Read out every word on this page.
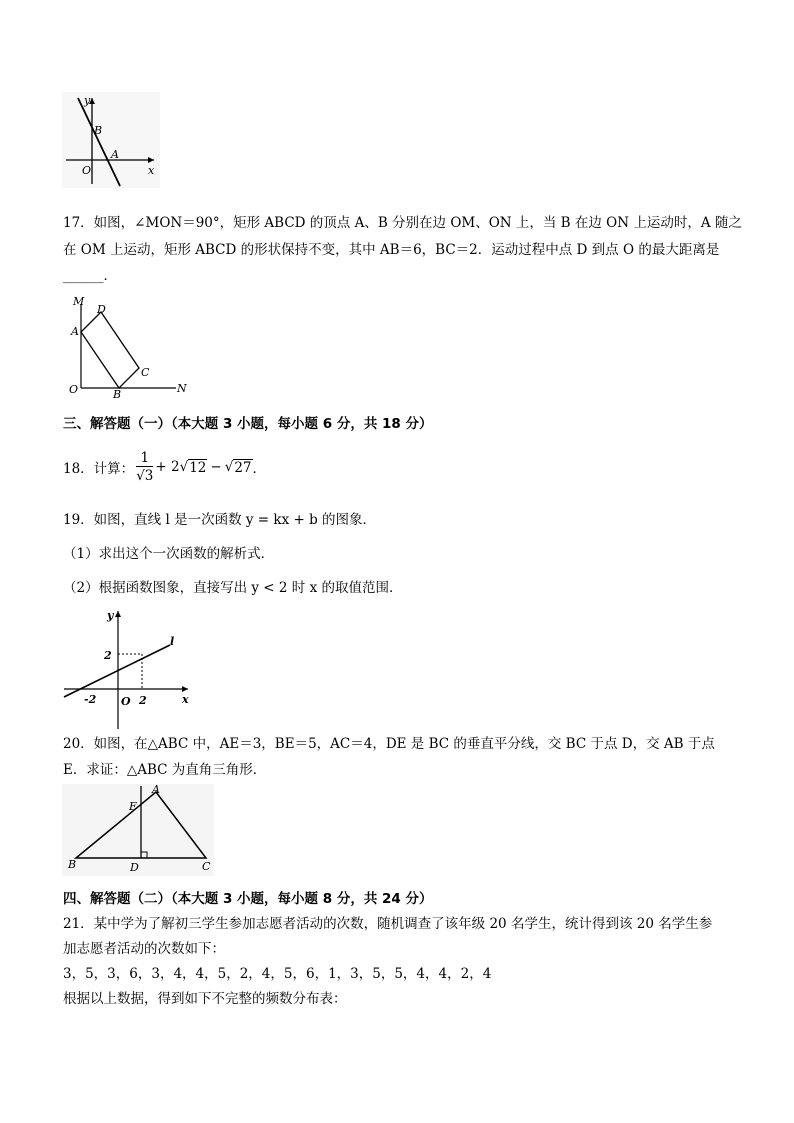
y
x
O
B
A
17．如图，∠MON＝90°，矩形 ABCD 的顶点 A、B 分别在边 OM、ON 上，当 B 在边 ON 上运动时，A 随之
在 OM 上运动，矩形 ABCD 的形状保持不变，其中 AB＝6，BC＝2．运动过程中点 D 到点 O 的最大距离是
______．
M
D
A
C
O	B	N
三、解答题（一）（本大题 3 小题，每小题 6 分，共 18 分）
18．计算： $\frac{1}{√3} + 2$ √ 12 − √ 27 ．
19．如图，直线 l 是一次函数 y = kx + b 的图象．
（1）求出这个一次函数的解析式．
（2）根据函数图象，直接写出 y < 2 时 x 的取值范围．
y
x
l
2
O
-2	2
20．如图，在△ABC 中，AE＝3，BE＝5，AC＝4，DE 是 BC 的垂直平分线，交 BC 于点 D，交 AB 于点
E．求证：△ABC 为直角三角形．
A
E
B	D	C
四、解答题（二）（本大题 3 小题，每小题 8 分，共 24 分）
21．某中学为了解初三学生参加志愿者活动的次数，随机调查了该年级 20 名学生，统计得到该 20 名学生参
加志愿者活动的次数如下：
3，5，3，6，3，4，4，5，2，4，5，6，1，3，5，5，4，4，2，4
根据以上数据，得到如下不完整的频数分布表：
